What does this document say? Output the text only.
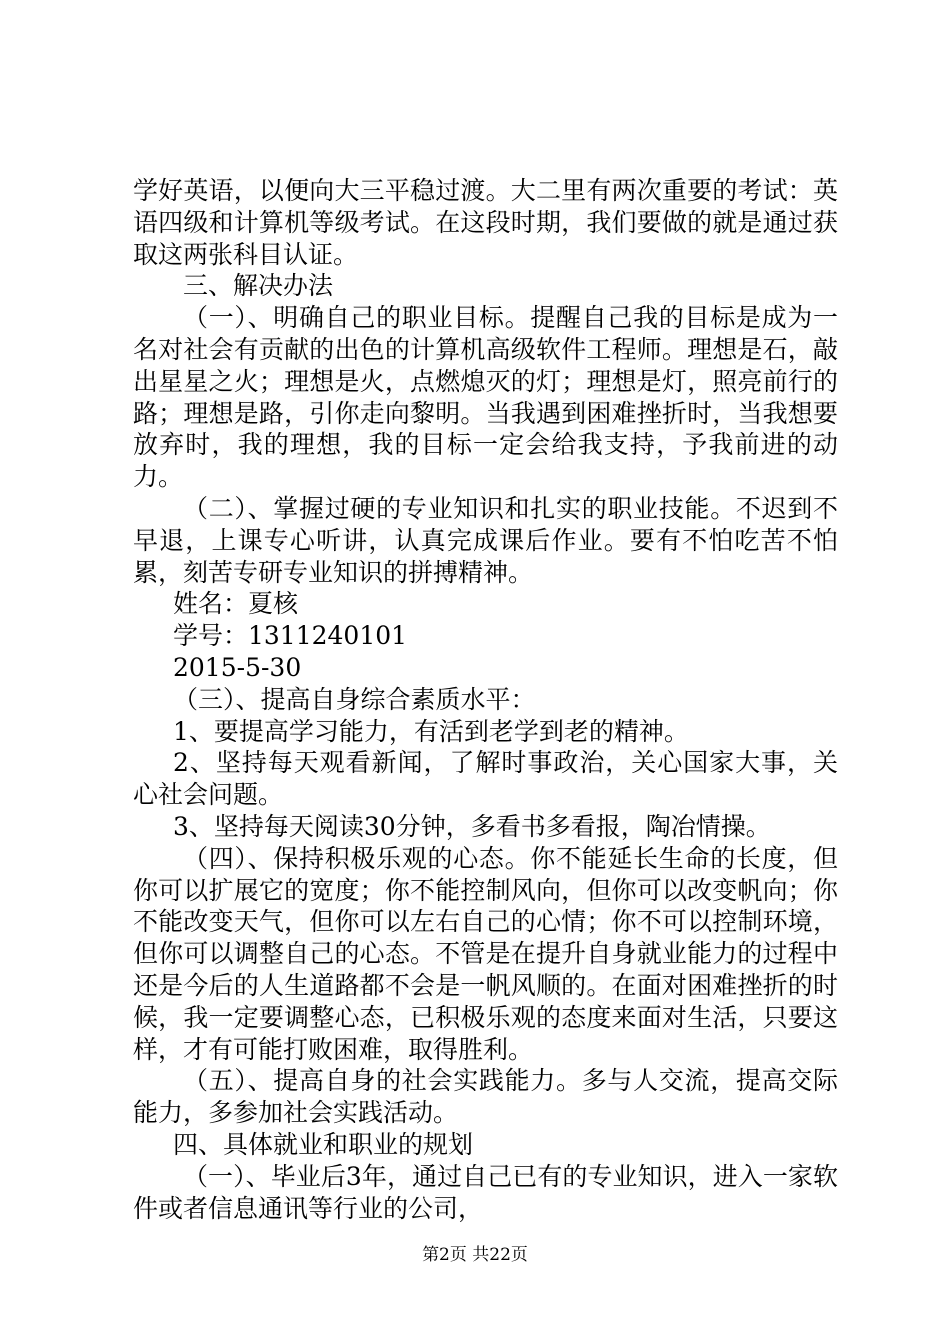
学好英语，以便向大三平稳过渡。大二里有两次重要的考试：英语四级和计算机等级考试。在这段时期，我们要做的就是通过获取这两张科目认证。

三、解决办法

（一）、明确自己的职业目标。提醒自己我的目标是成为一名对社会有贡献的出色的计算机高级软件工程师。理想是石，敲出星星之火；理想是火，点燃熄灭的灯；理想是灯，照亮前行的路；理想是路，引你走向黎明。当我遇到困难挫折时，当我想要放弃时，我的理想，我的目标一定会给我支持，予我前进的动力。

（二）、掌握过硬的专业知识和扎实的职业技能。不迟到不早退，上课专心听讲，认真完成课后作业。要有不怕吃苦不怕累，刻苦专研专业知识的拼搏精神。

姓名：夏核

学号：1311240101

2015-5-30

（三）、提高自身综合素质水平：

1、要提高学习能力，有活到老学到老的精神。

2、坚持每天观看新闻，了解时事政治，关心国家大事，关心社会问题。

3、坚持每天阅读30分钟，多看书多看报，陶冶情操。

（四）、保持积极乐观的心态。你不能延长生命的长度，但你可以扩展它的宽度；你不能控制风向，但你可以改变帆向；你不能改变天气，但你可以左右自己的心情；你不可以控制环境，但你可以调整自己的心态。不管是在提升自身就业能力的过程中还是今后的人生道路都不会是一帆风顺的。在面对困难挫折的时候，我一定要调整心态，已积极乐观的态度来面对生活，只要这样，才有可能打败困难，取得胜利。

（五）、提高自身的社会实践能力。多与人交流，提高交际能力，多参加社会实践活动。

四、具体就业和职业的规划

（一）、毕业后3年，通过自己已有的专业知识，进入一家软件或者信息通讯等行业的公司，

第2页 共22页
